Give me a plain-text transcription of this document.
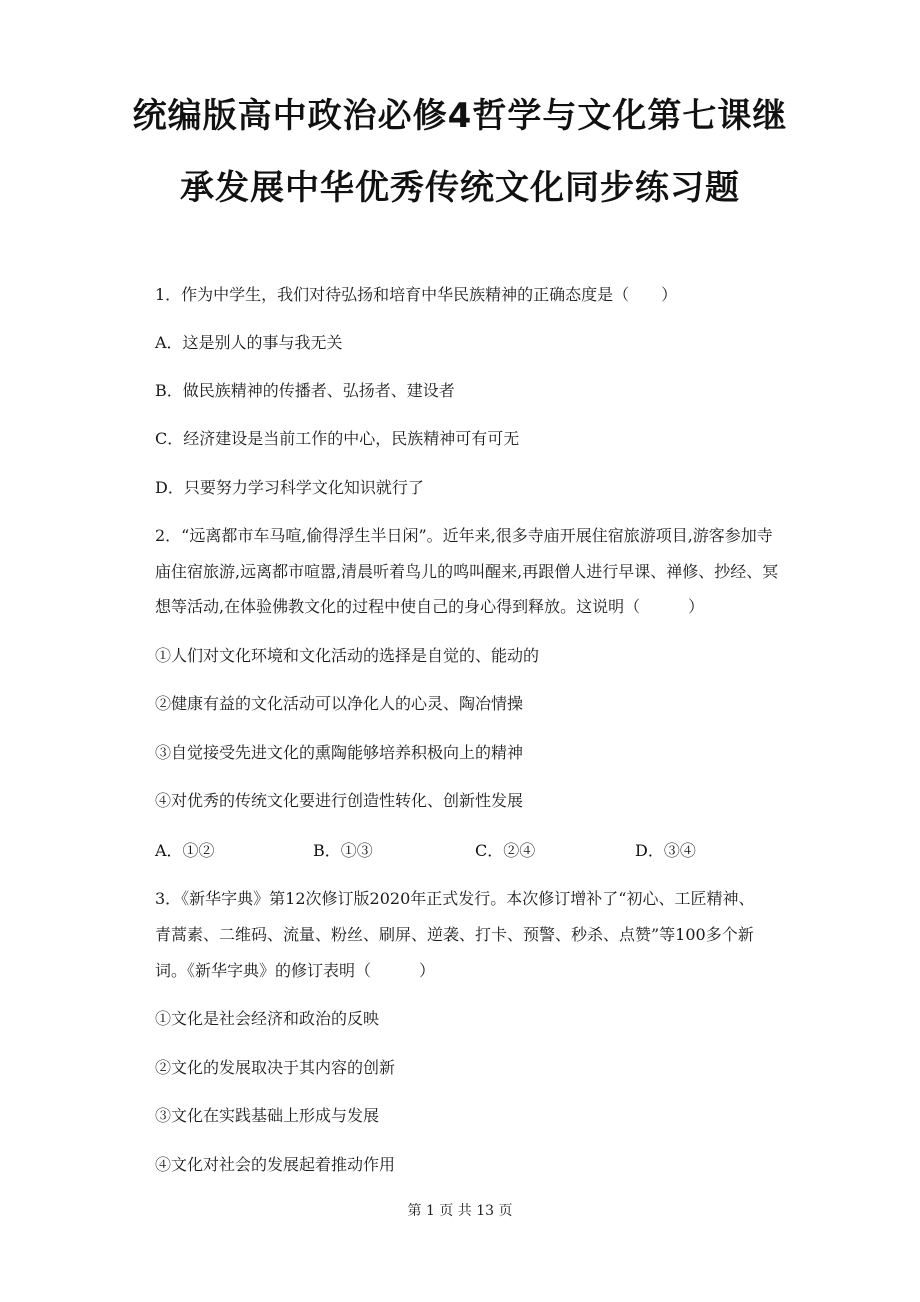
统编版高中政治必修4哲学与文化第七课继
承发展中华优秀传统文化同步练习题
1．作为中学生，我们对待弘扬和培育中华民族精神的正确态度是（　　）
A．这是别人的事与我无关
B．做民族精神的传播者、弘扬者、建设者
C．经济建设是当前工作的中心，民族精神可有可无
D．只要努力学习科学文化知识就行了
2．“远离都市车马喧,偷得浮生半日闲”。近年来,很多寺庙开展住宿旅游项目,游客参加寺
庙住宿旅游,远离都市喧嚣,清晨听着鸟儿的鸣叫醒来,再跟僧人进行早课、禅修、抄经、冥
想等活动,在体验佛教文化的过程中使自己的身心得到释放。这说明（　　　）
①人们对文化环境和文化活动的选择是自觉的、能动的
②健康有益的文化活动可以净化人的心灵、陶冶情操
③自觉接受先进文化的熏陶能够培养积极向上的精神
④对优秀的传统文化要进行创造性转化、创新性发展
A．①②	B．①③	C．②④	D．③④
3．《新华字典》第12次修订版2020年正式发行。本次修订增补了“初心、工匠精神、
青蒿素、二维码、流量、粉丝、刷屏、逆袭、打卡、预警、秒杀、点赞”等100多个新
词。《新华字典》的修订表明（　　　）
①文化是社会经济和政治的反映
②文化的发展取决于其内容的创新
③文化在实践基础上形成与发展
④文化对社会的发展起着推动作用
第 1 页 共 13 页
